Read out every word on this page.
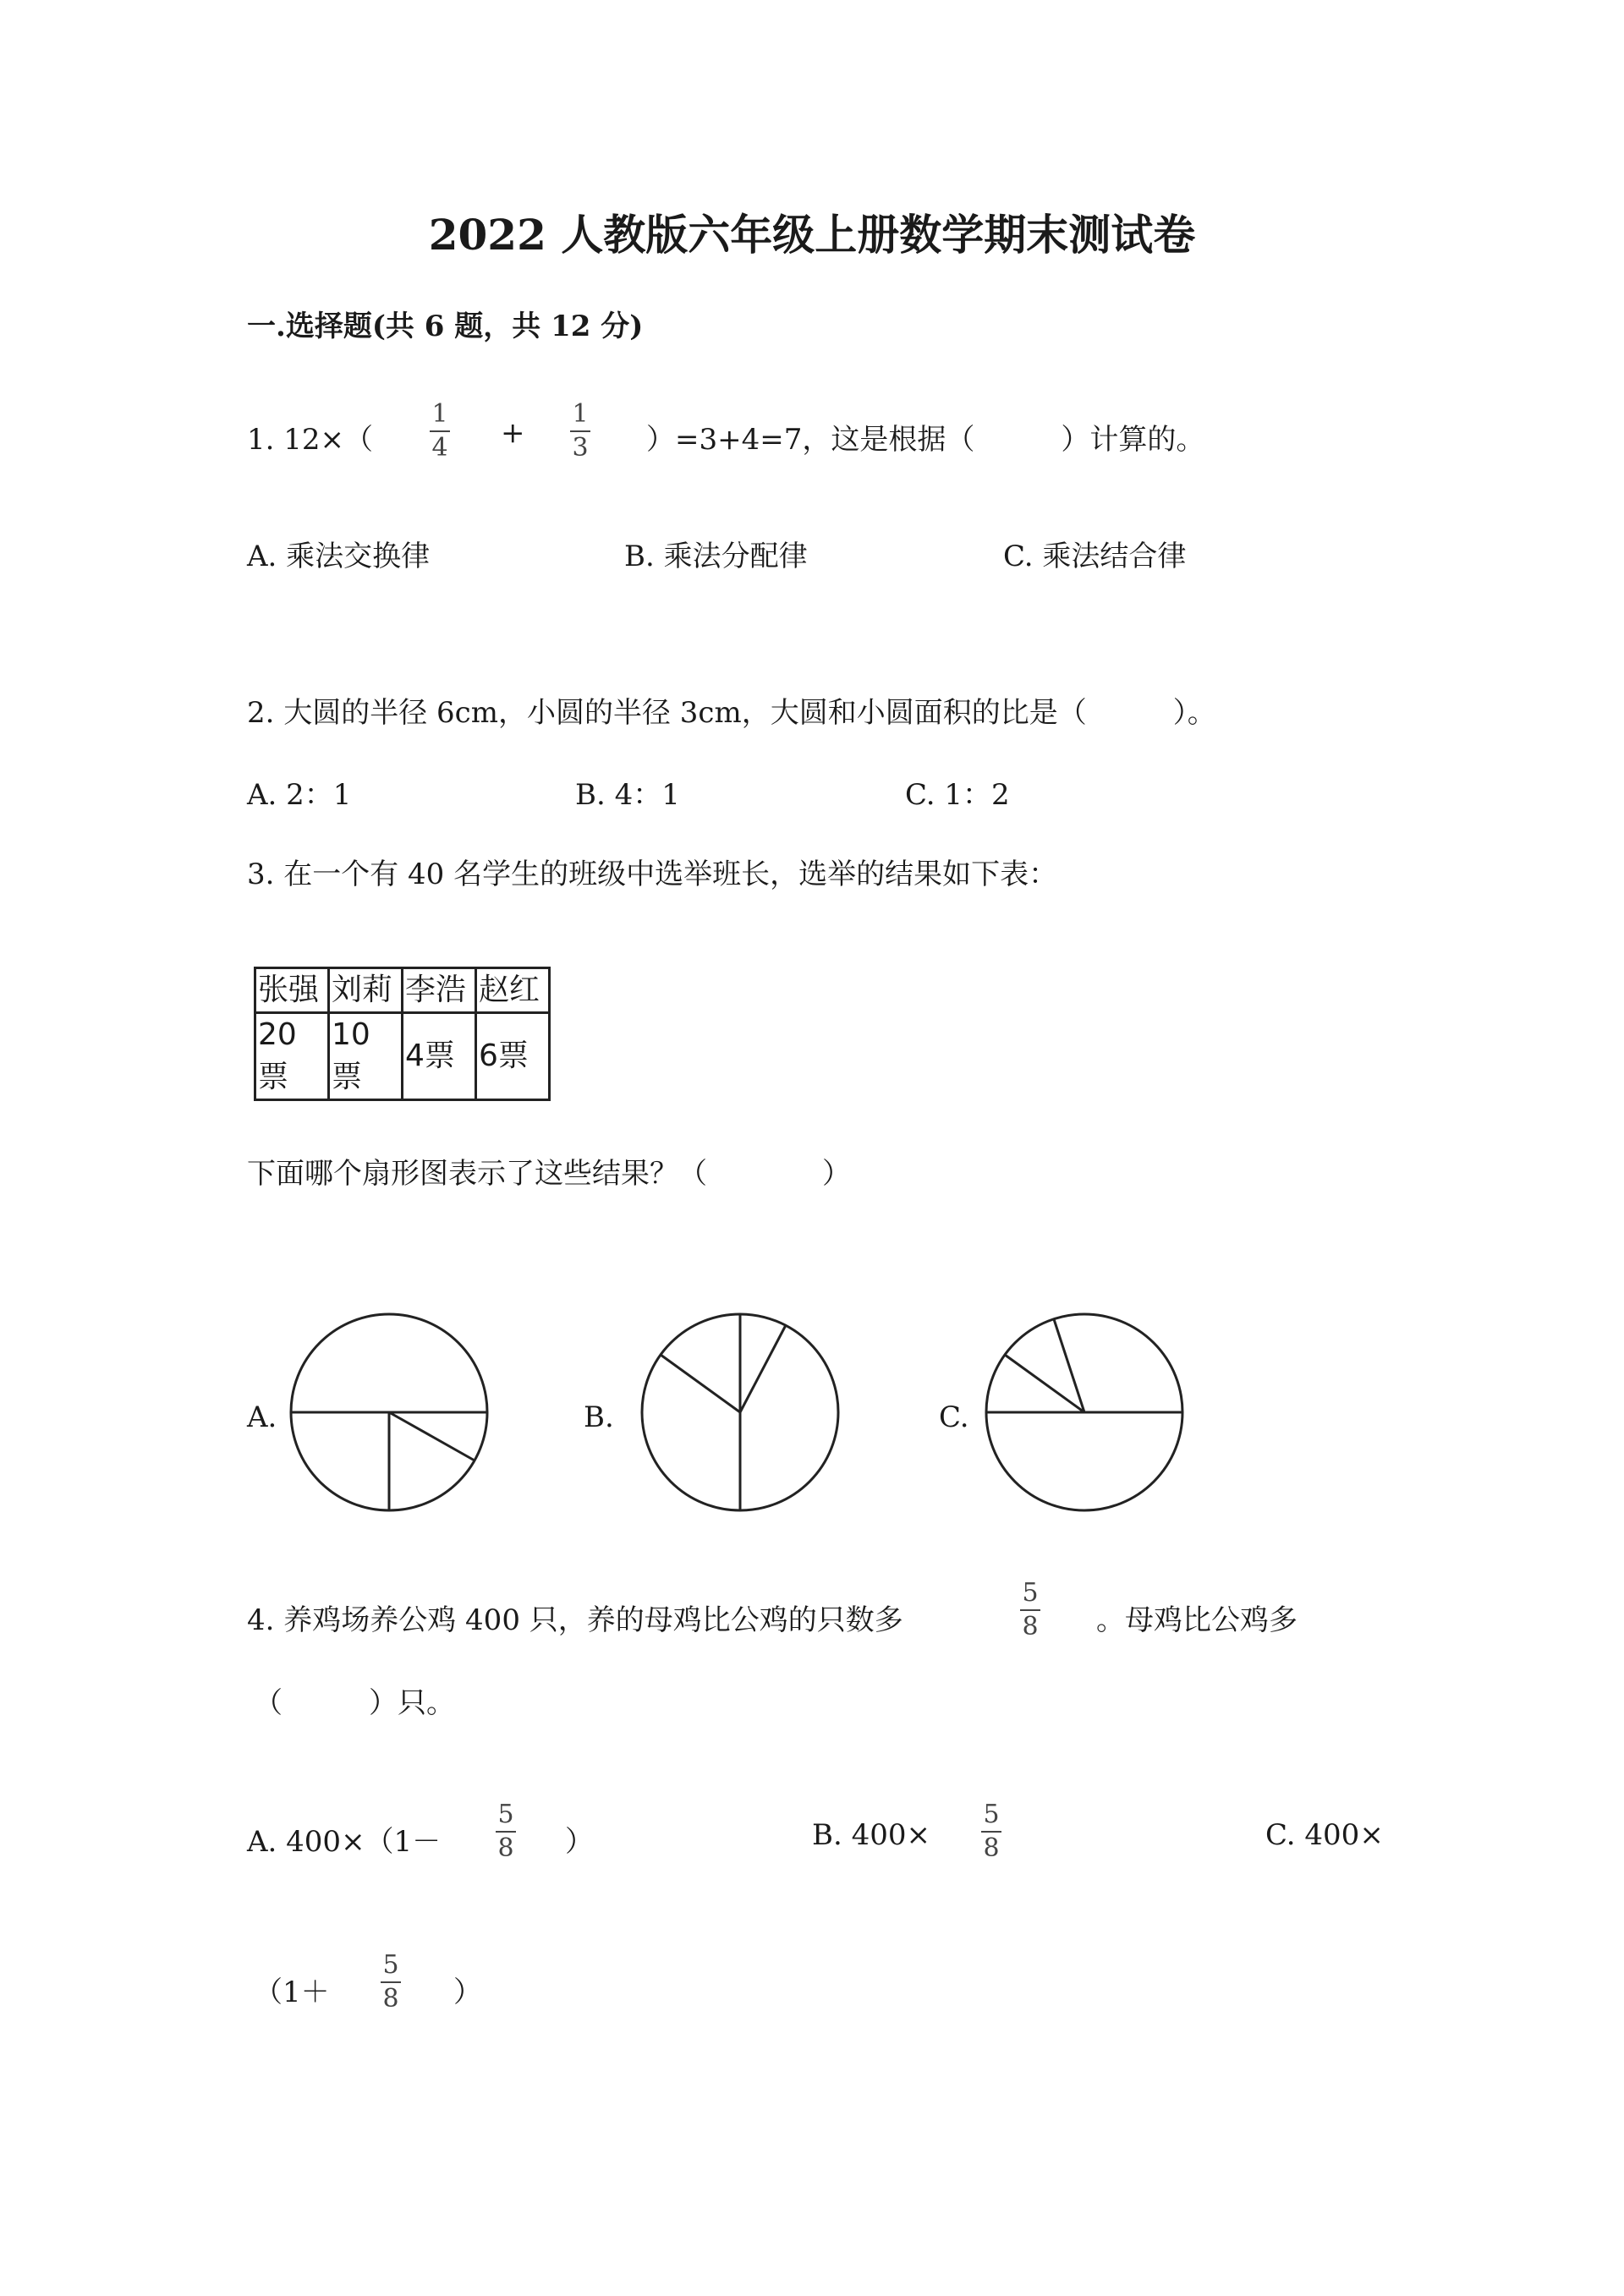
2022 人教版六年级上册数学期末测试卷
一.选择题(共 6 题，共 12 分)
1. 12×（
1
4 +
1
3 ）=3+4=7，这是根据（　　　）计算的。
A. 乘法交换律	B. 乘法分配律	C. 乘法结合律
2. 大圆的半径 6cm，小圆的半径 3cm，大圆和小圆面积的比是（　　　）。
A. 2：1	B. 4：1	C. 1：2
3. 在一个有 40 名学生的班级中选举班长，选举的结果如下表：
张强	刘莉	李浩	赵红
20票	10票	4票	6票
下面哪个扇形图表示了这些结果？（　　　　）
A.	B.	C.
4. 养鸡场养公鸡 400 只，养的母鸡比公鸡的只数多
5
8 。母鸡比公鸡多
（　　　）只。
A. 400×（1－
5
8 ）	B. 400×
5
8	C. 400×
（1＋
5
8 ）
